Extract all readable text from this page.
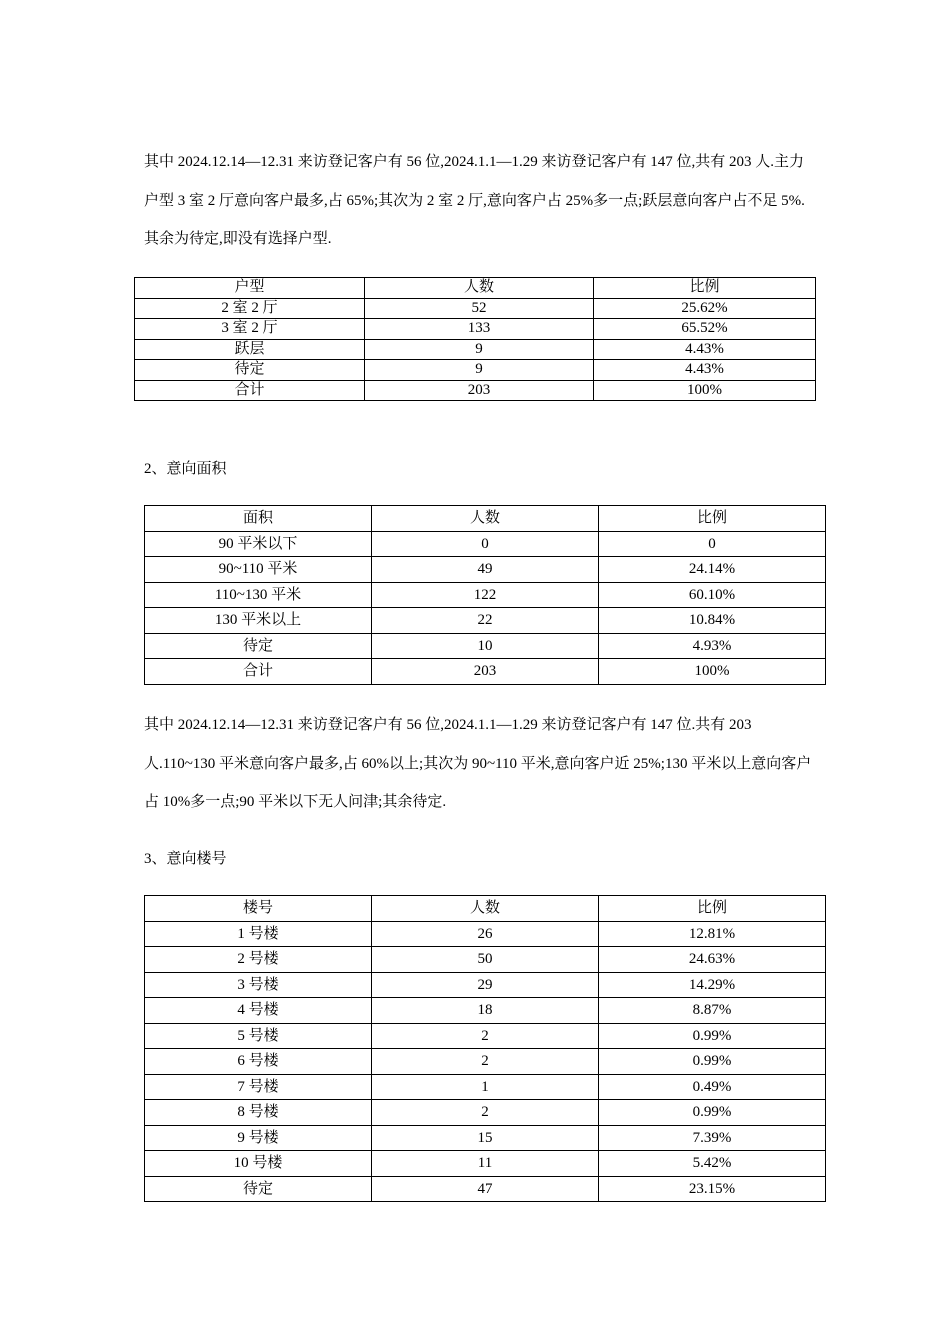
其中 2024.12.14—12.31 来访登记客户有 56 位,2024.1.1—1.29 来访登记客户有 147 位,共有 203 人.主力户型 3 室 2 厅意向客户最多,占 65%;其次为 2 室 2 厅,意向客户占 25%多一点;跃层意向客户占不足 5%.其余为待定,即没有选择户型.

户型	人数	比例
2 室 2 厅	52	25.62%
3 室 2 厅	133	65.52%
跃层	9	4.43%
待定	9	4.43%
合计	203	100%

2、意向面积

面积	人数	比例
90 平米以下	0	0
90~110 平米	49	24.14%
110~130 平米	122	60.10%
130 平米以上	22	10.84%
待定	10	4.93%
合计	203	100%

其中 2024.12.14—12.31 来访登记客户有 56 位,2024.1.1—1.29 来访登记客户有 147 位.共有 203 人.110~130 平米意向客户最多,占 60%以上;其次为 90~110 平米,意向客户近 25%;130 平米以上意向客户占 10%多一点;90 平米以下无人问津;其余待定.

3、意向楼号

楼号	人数	比例
1 号楼	26	12.81%
2 号楼	50	24.63%
3 号楼	29	14.29%
4 号楼	18	8.87%
5 号楼	2	0.99%
6 号楼	2	0.99%
7 号楼	1	0.49%
8 号楼	2	0.99%
9 号楼	15	7.39%
10 号楼	11	5.42%
待定	47	23.15%
